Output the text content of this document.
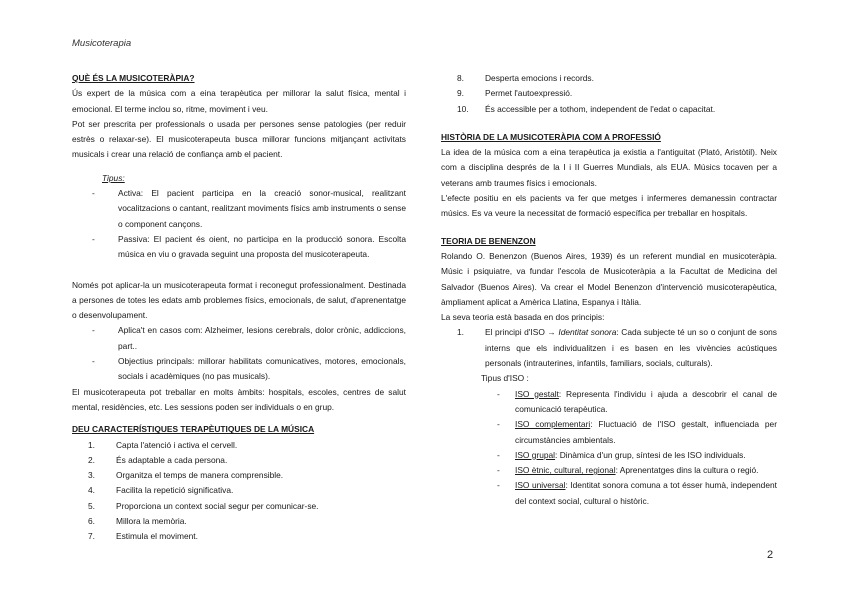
Musicoterapia
QUÈ ÉS LA MUSICOTERÀPIA?

Ús expert de la música com a eina terapèutica per millorar la salut física, mental i emocional. El terme inclou so, ritme, moviment i veu.

Pot ser prescrita per professionals o usada per persones sense patologies (per reduir estrès o relaxar-se). El musicoterapeuta busca millorar funcions mitjançant activitats musicals i crear una relació de confiança amb el pacient.

Tipus:
- Activa: El pacient participa en la creació sonor-musical, realitzant vocalitzacions o cantant, realitzant moviments físics amb instruments o sense o component cançons.
- Passiva: El pacient és oient, no participa en la producció sonora. Escolta música en viu o gravada seguint una proposta del musicoterapeuta.

Només pot aplicar-la un musicoterapeuta format i reconegut professionalment. Destinada a persones de totes les edats amb problemes físics, emocionals, de salut, d'aprenentatge o desenvolupament.

- Aplica't en casos com: Alzheimer, lesions cerebrals, dolor crònic, addiccions, part..
- Objectius principals: millorar habilitats comunicatives, motores, emocionals, socials i acadèmiques (no pas musicals).

El musicoterapeuta pot treballar en molts àmbits: hospitals, escoles, centres de salut mental, residències, etc. Les sessions poden ser individuals o en grup.

DEU CARACTERÍSTIQUES TERAPÈUTIQUES DE LA MÚSICA
1.	Capta l'atenció i activa el cervell.
2.	És adaptable a cada persona.
3.	Organitza el temps de manera comprensible.
4.	Facilita la repetició significativa.
5.	Proporciona un context social segur per comunicar-se.
6.	Millora la memòria.
7.	Estimula el moviment.
8.	Desperta emocions i records.
9.	Permet l'autoexpressió.
10. És accessible per a tothom, independent de l'edat o capacitat.
HISTÒRIA DE LA MUSICOTERÀPIA COM A PROFESSIÓ

La idea de la música com a eina terapèutica ja existia a l'antiguitat (Plató, Aristòtil). Neix com a disciplina després de la I i II Guerres Mundials, als EUA. Músics tocaven per a veterans amb traumes físics i emocionals.

L'efecte positiu en els pacients va fer que metges i infermeres demanessin contractar músics. Es va veure la necessitat de formació específica per treballar en hospitals.

TEORIA DE BENENZON

Rolando O. Benenzon (Buenos Aires, 1939) és un referent mundial en musicoteràpia. Músic i psiquiatre, va fundar l'escola de Musicoteràpia a la Facultat de Medicina del Salvador (Buenos Aires). Va crear el Model Benenzon d'intervenció musicoterapèutica, àmpliament aplicat a Amèrica Llatina, Espanya i Itàlia.

La seva teoria està basada en dos principis:

1.	El principi d'ISO → Identitat sonora: Cada subjecte té un so o conjunt de sons interns que els individualitzen i es basen en les vivències acústiques personals (intrauterines, infantils, familiars, socials, culturals).
Tipus d'ISO :
- ISO gestalt: Representa l'individu i ajuda a descobrir el canal de comunicació terapèutica.
- ISO complementari: Fluctuació de l'ISO gestalt, influenciada per circumstàncies ambientals.
- ISO grupal: Dinàmica d'un grup, síntesi de les ISO individuals.
- ISO ètnic, cultural, regional: Aprenentatges dins la cultura o regió.
- ISO universal: Identitat sonora comuna a tot ésser humà, independent del context social, cultural o històric.
2
